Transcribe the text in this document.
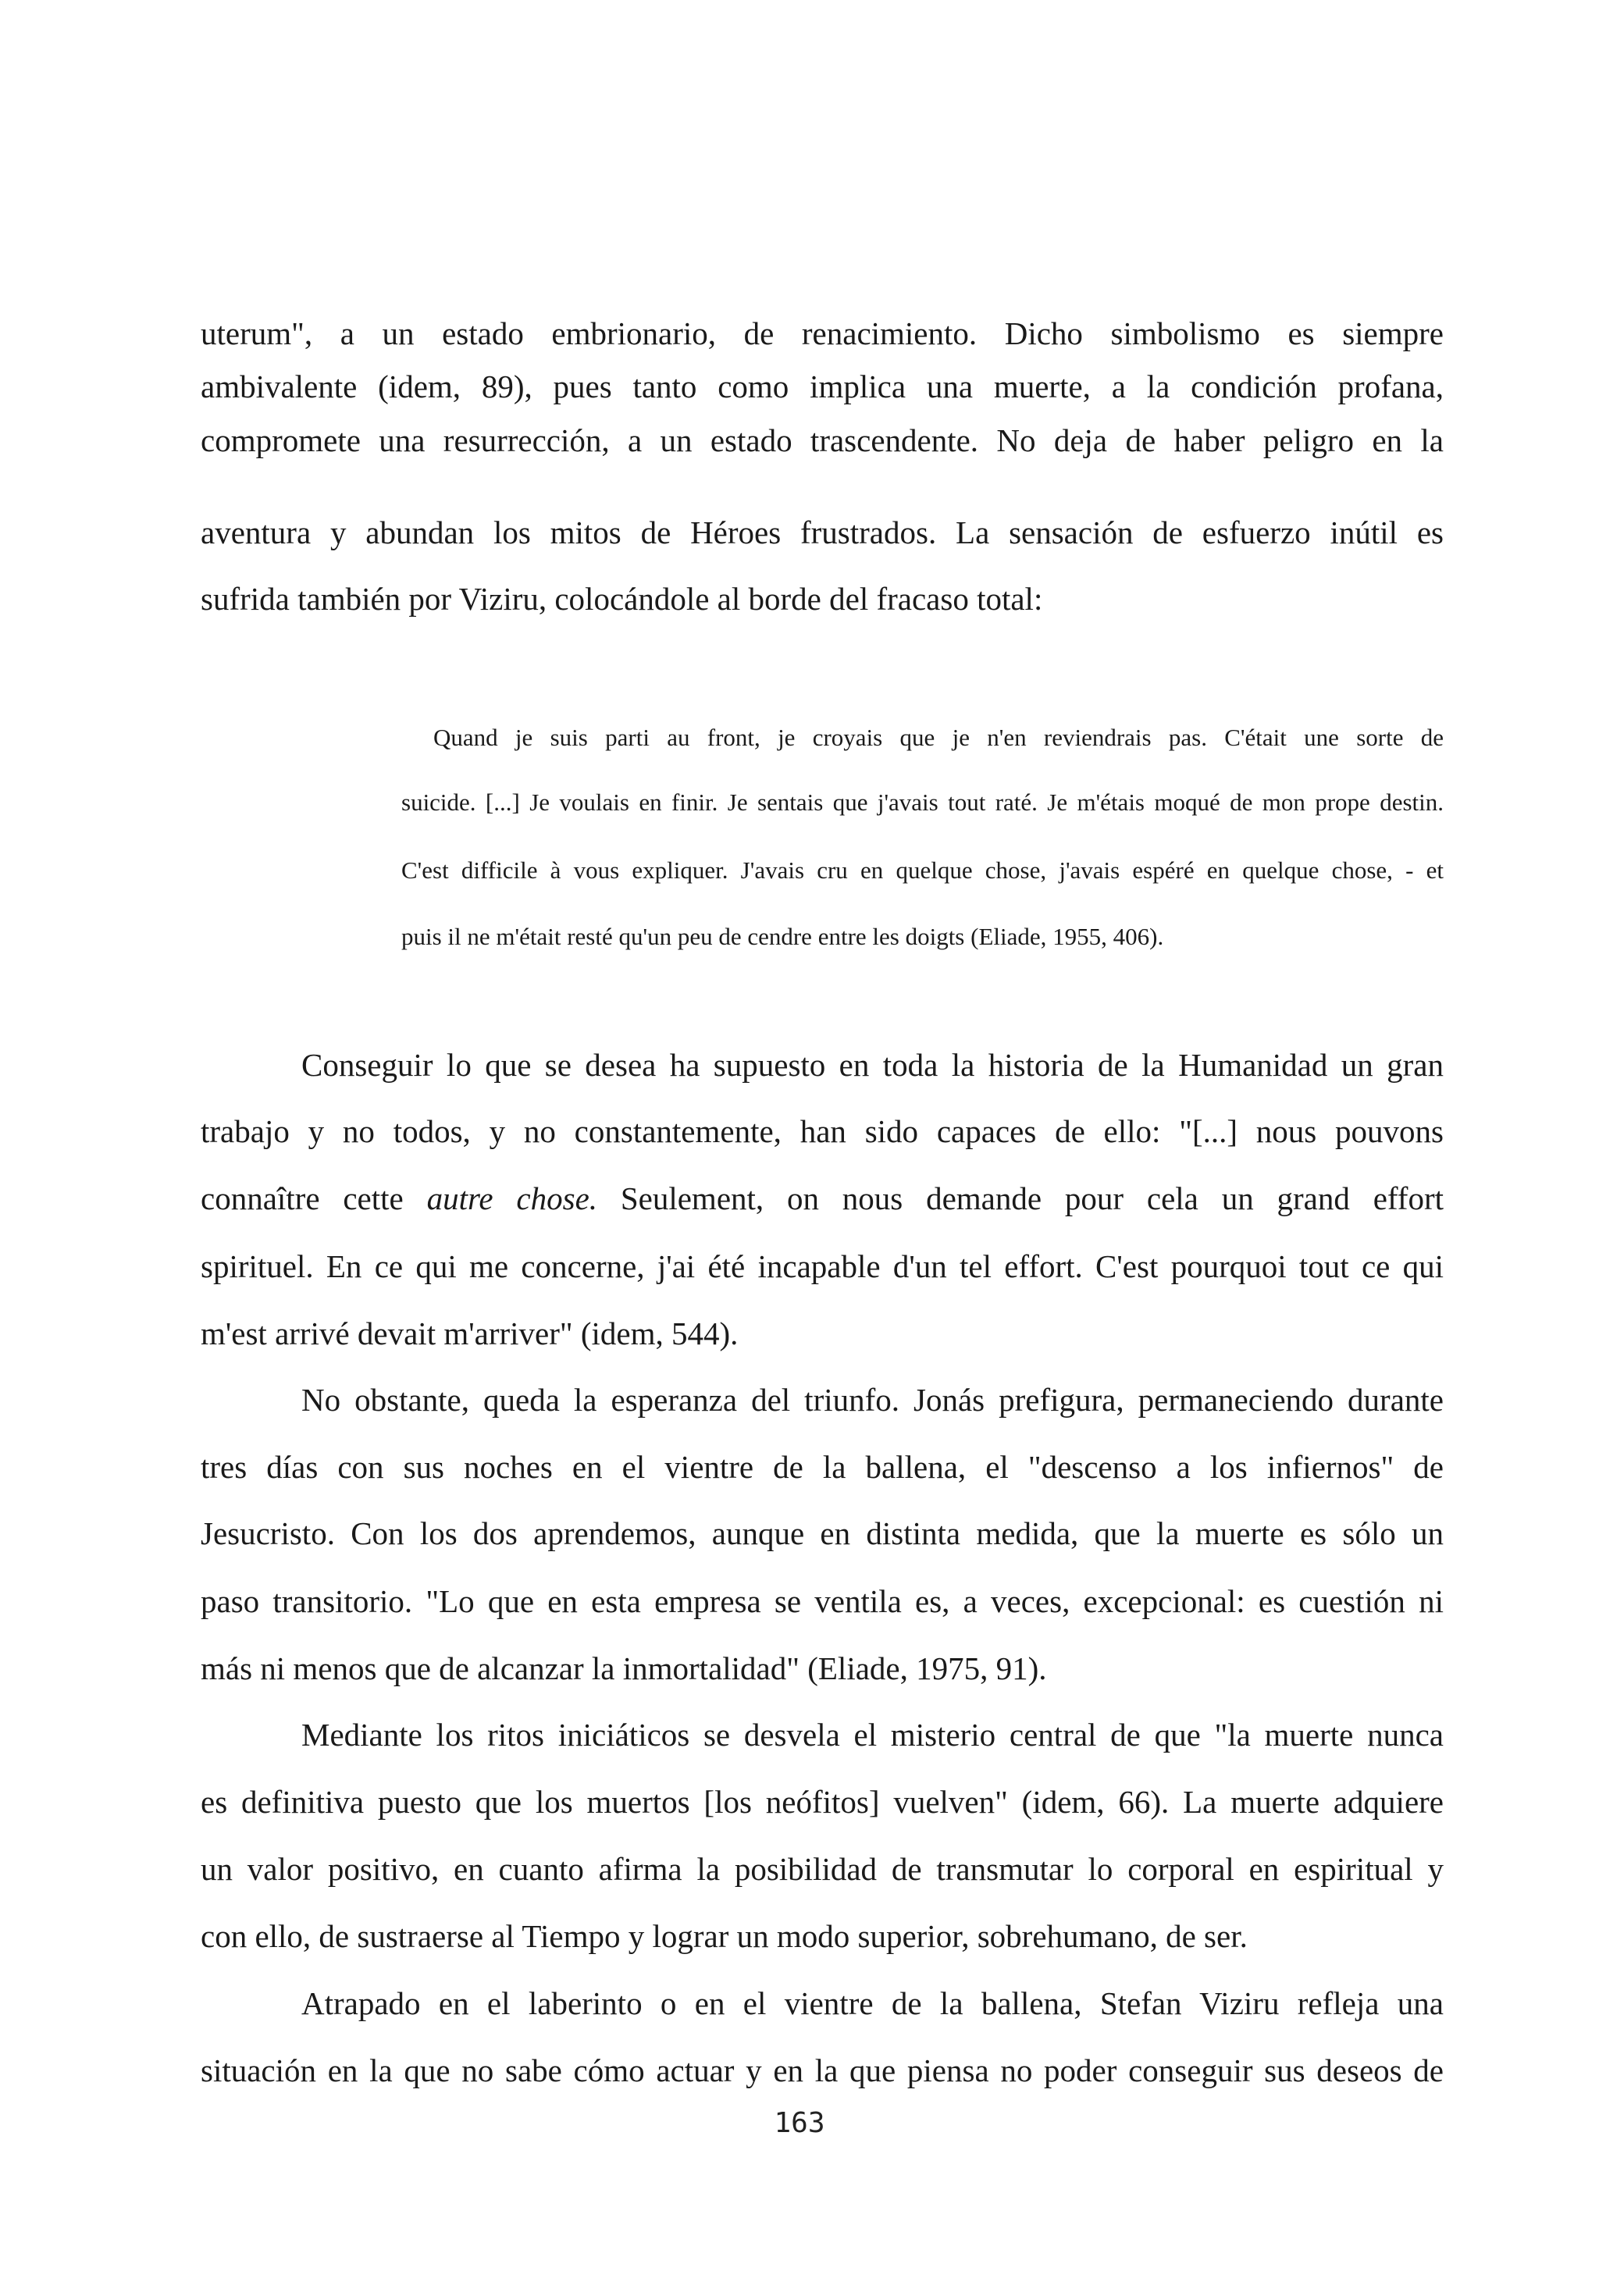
uterum", a un estado embrionario, de renacimiento. Dicho simbolismo es siempre
ambivalente (idem, 89), pues tanto como implica una muerte, a la condición profana,
compromete una resurrección, a un estado trascendente. No deja de haber peligro en la
aventura y abundan los mitos de Héroes frustrados. La sensación de esfuerzo inútil es
sufrida también por Viziru, colocándole al borde del fracaso total:
Quand je suis parti au front, je croyais que je n'en reviendrais pas. C'était une sorte de
suicide. [...] Je voulais en finir. Je sentais que j'avais tout raté. Je m'étais moqué de mon prope destin.
C'est difficile à vous expliquer. J'avais cru en quelque chose, j'avais espéré en quelque chose, - et
puis il ne m'était resté qu'un peu de cendre entre les doigts (Eliade, 1955, 406).
Conseguir lo que se desea ha supuesto en toda la historia de la Humanidad un gran
trabajo y no todos, y no constantemente, han sido capaces de ello: "[...] nous pouvons
connaître cette autre chose. Seulement, on nous demande pour cela un grand effort
spirituel. En ce qui me concerne, j'ai été incapable d'un tel effort. C'est pourquoi tout ce qui
m'est arrivé devait m'arriver" (idem, 544).
No obstante, queda la esperanza del triunfo. Jonás prefigura, permaneciendo durante
tres días con sus noches en el vientre de la ballena, el "descenso a los infiernos" de
Jesucristo. Con los dos aprendemos, aunque en distinta medida, que la muerte es sólo un
paso transitorio. "Lo que en esta empresa se ventila es, a veces, excepcional: es cuestión ni
más ni menos que de alcanzar la inmortalidad" (Eliade, 1975, 91).
Mediante los ritos iniciáticos se desvela el misterio central de que "la muerte nunca
es definitiva puesto que los muertos [los neófitos] vuelven" (idem, 66). La muerte adquiere
un valor positivo, en cuanto afirma la posibilidad de transmutar lo corporal en espiritual y
con ello, de sustraerse al Tiempo y lograr un modo superior, sobrehumano, de ser.
Atrapado en el laberinto o en el vientre de la ballena, Stefan Viziru refleja una
situación en la que no sabe cómo actuar y en la que piensa no poder conseguir sus deseos de
163
